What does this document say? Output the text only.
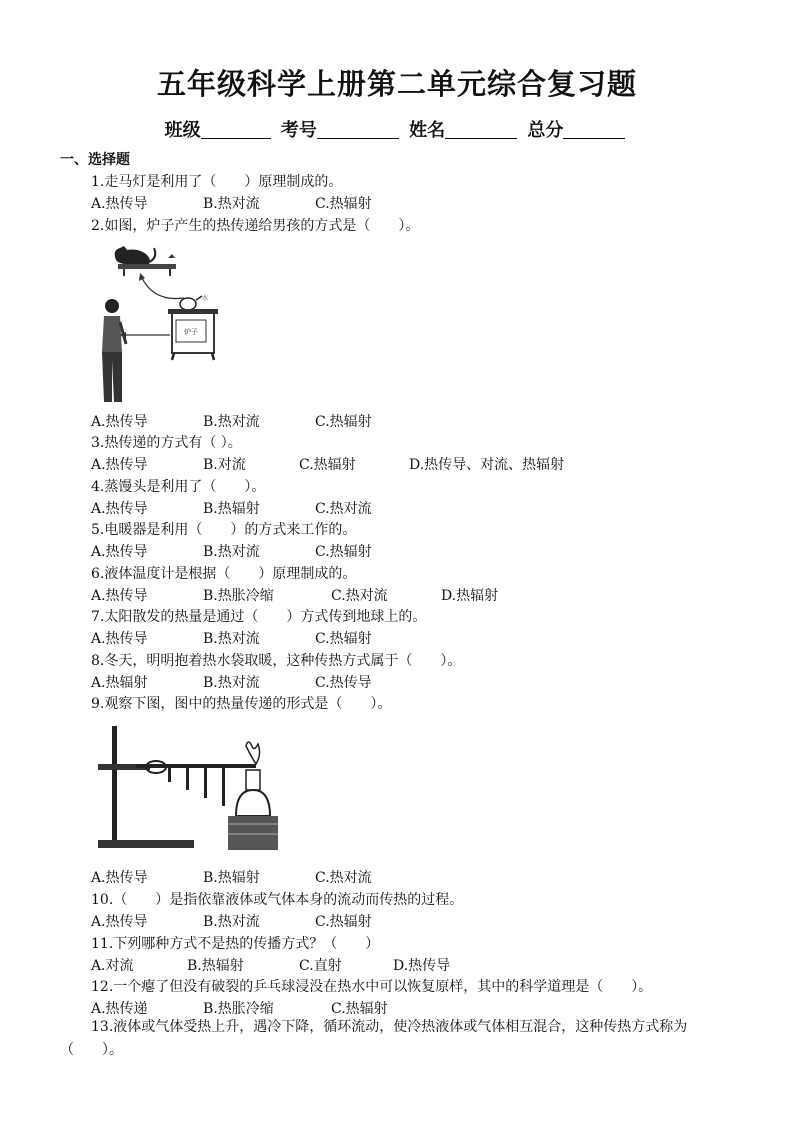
五年级科学上册第二单元综合复习题
班级	考号	姓名	总分
一、选择题
1.走马灯是利用了（　　）原理制成的。
A.热传导	B.热对流	C.热辐射
2.如图，炉子产生的热传递给男孩的方式是（　　）。
水
炉子
A.热传导	B.热对流	C.热辐射
3.热传递的方式有（ ）。
A.热传导	B.对流	C.热辐射	D.热传导、对流、热辐射
4.蒸馒头是利用了（　　）。
A.热传导	B.热辐射	C.热对流
5.电暖器是利用（　　）的方式来工作的。
A.热传导	B.热对流	C.热辐射
6.液体温度计是根据（　　）原理制成的。
A.热传导	B.热胀冷缩	C.热对流	D.热辐射
7.太阳散发的热量是通过（　　）方式传到地球上的。
A.热传导	B.热对流	C.热辐射
8.冬天，明明抱着热水袋取暖，这种传热方式属于（　　）。
A.热辐射	B.热对流	C.热传导
9.观察下图，图中的热量传递的形式是（　　）。
A.热传导	B.热辐射	C.热对流
10.（　　）是指依靠液体或气体本身的流动而传热的过程。
A.热传导	B.热对流	C.热辐射
11.下列哪种方式不是热的传播方式？（　　）
A.对流	B.热辐射	C.直射	D.热传导
12.一个瘪了但没有破裂的乒乓球浸没在热水中可以恢复原样，其中的科学道理是（　　）。
A.热传递	B.热胀冷缩	C.热辐射
13.液体或气体受热上升，遇冷下降，循环流动，使冷热液体或气体相互混合，这种传热方式称为（　　）。
